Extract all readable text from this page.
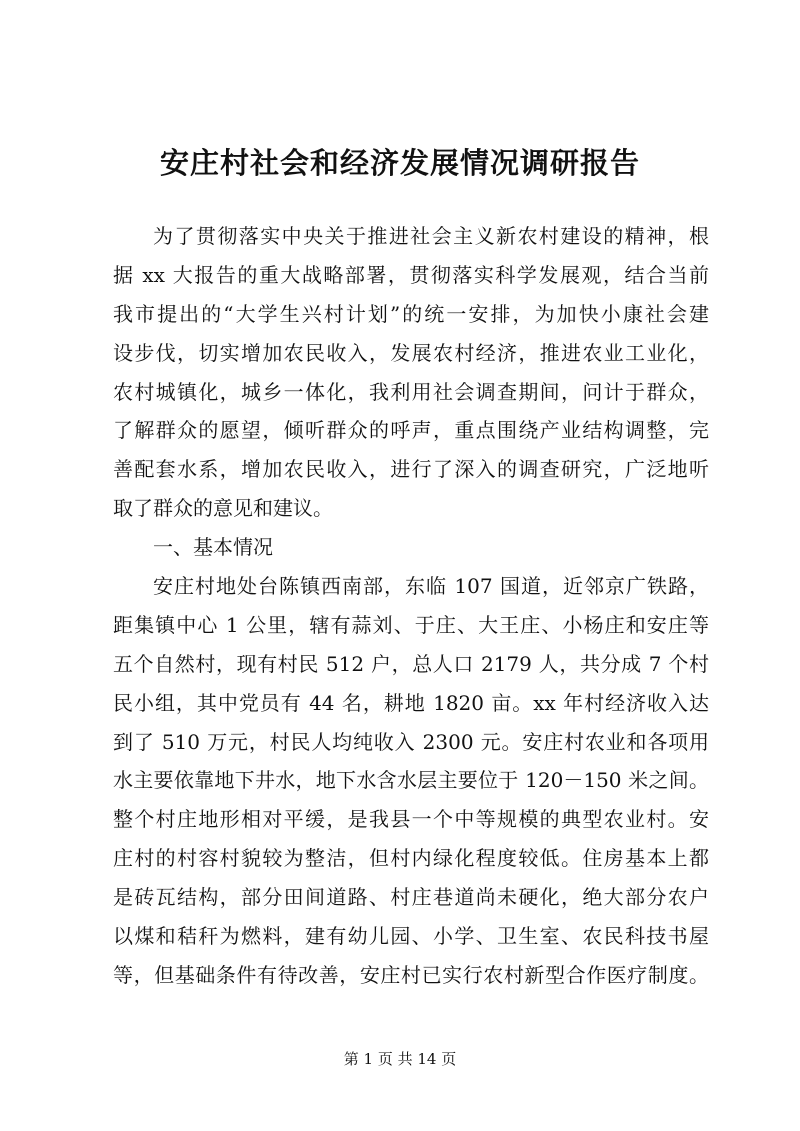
安庄村社会和经济发展情况调研报告
为了贯彻落实中央关于推进社会主义新农村建设的精神，根
据 xx 大报告的重大战略部署，贯彻落实科学发展观，结合当前
我市提出的“大学生兴村计划”的统一安排，为加快小康社会建
设步伐，切实增加农民收入，发展农村经济，推进农业工业化，
农村城镇化，城乡一体化，我利用社会调查期间，问计于群众，
了解群众的愿望，倾听群众的呼声，重点围绕产业结构调整，完
善配套水系，增加农民收入，进行了深入的调查研究，广泛地听
取了群众的意见和建议。
一、基本情况
安庄村地处台陈镇西南部，东临 107 国道，近邻京广铁路，
距集镇中心 1 公里，辖有蒜刘、于庄、大王庄、小杨庄和安庄等
五个自然村，现有村民 512 户，总人口 2179 人，共分成 7 个村
民小组，其中党员有 44 名，耕地 1820 亩。xx 年村经济收入达
到了 510 万元，村民人均纯收入 2300 元。安庄村农业和各项用
水主要依靠地下井水，地下水含水层主要位于 120－150 米之间。
整个村庄地形相对平缓，是我县一个中等规模的典型农业村。安
庄村的村容村貌较为整洁，但村内绿化程度较低。住房基本上都
是砖瓦结构，部分田间道路、村庄巷道尚未硬化，绝大部分农户
以煤和秸秆为燃料，建有幼儿园、小学、卫生室、农民科技书屋
等，但基础条件有待改善，安庄村已实行农村新型合作医疗制度。
第 1 页 共 14 页
